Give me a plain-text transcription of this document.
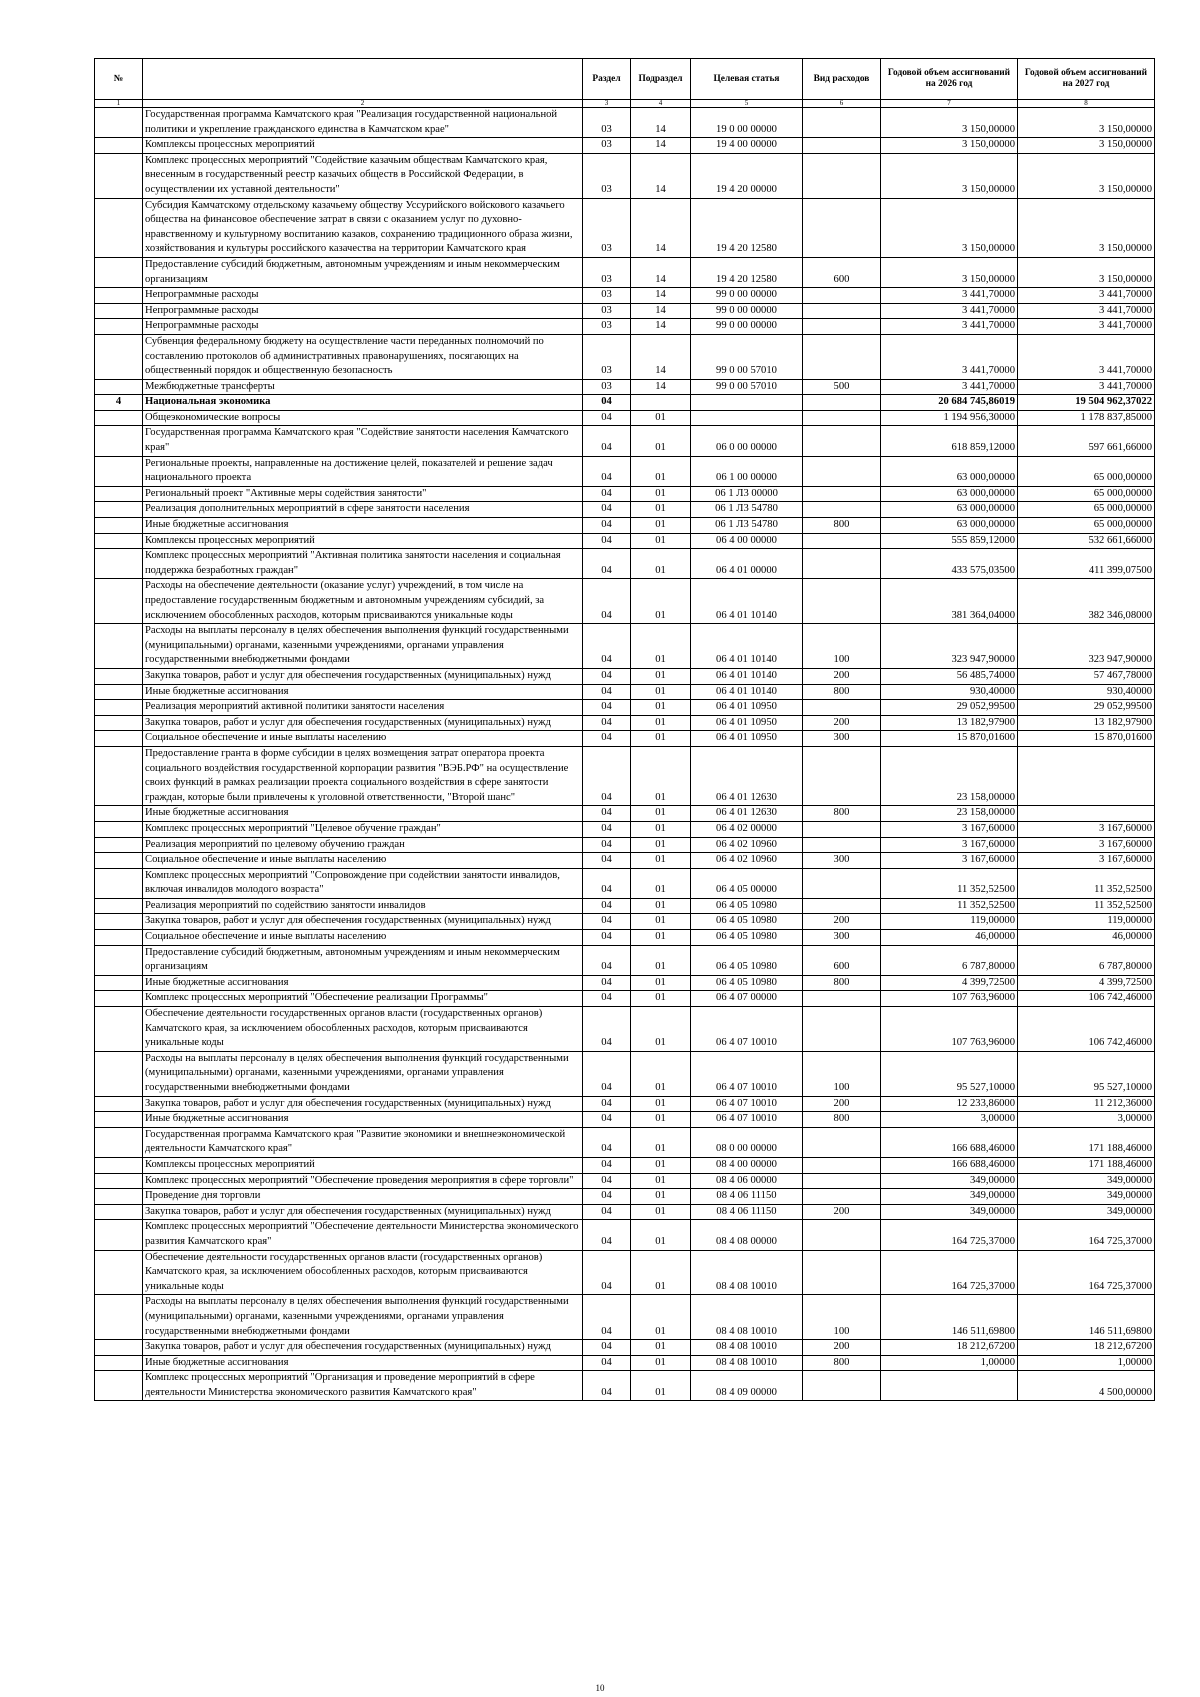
№		Раздел	Подраздел	Целевая статья	Вид расходов	Годовой объем ассигнований на 2026 год	Годовой объем ассигнований на 2027 год
1	2	3	4	5	6	7	8
	Государственная программа Камчатского края "Реализация государственной национальной политики и укрепление гражданского единства в Камчатском крае"	03	14	19 0 00 00000		3 150,00000	3 150,00000
	Комплексы процессных мероприятий	03	14	19 4 00 00000		3 150,00000	3 150,00000
	Комплекс процессных мероприятий "Содействие казачьим обществам Камчатского края, внесенным в государственный реестр казачьих обществ в Российской Федерации, в осуществлении их уставной деятельности"	03	14	19 4 20 00000		3 150,00000	3 150,00000
	Субсидия Камчатскому отдельскому казачьему обществу Уссурийского войскового казачьего общества на финансовое обеспечение затрат в связи с оказанием услуг по духовно-нравственному и культурному воспитанию казаков, сохранению традиционного образа жизни, хозяйствования и культуры российского казачества на территории Камчатского края	03	14	19 4 20 12580		3 150,00000	3 150,00000
	Предоставление субсидий бюджетным, автономным учреждениям и иным некоммерческим организациям	03	14	19 4 20 12580	600	3 150,00000	3 150,00000
	Непрограммные расходы	03	14	99 0 00 00000		3 441,70000	3 441,70000
	Непрограммные расходы	03	14	99 0 00 00000		3 441,70000	3 441,70000
	Непрограммные расходы	03	14	99 0 00 00000		3 441,70000	3 441,70000
	Субвенция федеральному бюджету на осуществление части переданных полномочий по составлению протоколов об административных правонарушениях, посягающих на общественный порядок и общественную безопасность	03	14	99 0 00 57010		3 441,70000	3 441,70000
	Межбюджетные трансферты	03	14	99 0 00 57010	500	3 441,70000	3 441,70000
4	Национальная экономика	04				20 684 745,86019	19 504 962,37022
	Общеэкономические вопросы	04	01			1 194 956,30000	1 178 837,85000
	Государственная программа Камчатского края "Содействие занятости населения Камчатского края"	04	01	06 0 00 00000		618 859,12000	597 661,66000
	Региональные проекты, направленные на достижение целей, показателей и решение задач национального проекта	04	01	06 1 00 00000		63 000,00000	65 000,00000
	Региональный проект "Активные меры содействия занятости"	04	01	06 1 Л3 00000		63 000,00000	65 000,00000
	Реализация дополнительных мероприятий в сфере занятости населения	04	01	06 1 Л3 54780		63 000,00000	65 000,00000
	Иные бюджетные ассигнования	04	01	06 1 Л3 54780	800	63 000,00000	65 000,00000
	Комплексы процессных мероприятий	04	01	06 4 00 00000		555 859,12000	532 661,66000
	Комплекс процессных мероприятий "Активная политика занятости населения и социальная поддержка безработных граждан"	04	01	06 4 01 00000		433 575,03500	411 399,07500
	Расходы на обеспечение деятельности (оказание услуг) учреждений, в том числе на предоставление государственным бюджетным и автономным учреждениям субсидий, за исключением обособленных расходов, которым присваиваются уникальные коды	04	01	06 4 01 10140		381 364,04000	382 346,08000
	Расходы на выплаты персоналу в целях обеспечения выполнения функций государственными (муниципальными) органами, казенными учреждениями, органами управления государственными внебюджетными фондами	04	01	06 4 01 10140	100	323 947,90000	323 947,90000
	Закупка товаров, работ и услуг для обеспечения государственных (муниципальных) нужд	04	01	06 4 01 10140	200	56 485,74000	57 467,78000
	Иные бюджетные ассигнования	04	01	06 4 01 10140	800	930,40000	930,40000
	Реализация мероприятий активной политики занятости населения	04	01	06 4 01 10950		29 052,99500	29 052,99500
	Закупка товаров, работ и услуг для обеспечения государственных (муниципальных) нужд	04	01	06 4 01 10950	200	13 182,97900	13 182,97900
	Социальное обеспечение и иные выплаты населению	04	01	06 4 01 10950	300	15 870,01600	15 870,01600
	Предоставление гранта в форме субсидии в целях возмещения затрат оператора проекта социального воздействия государственной корпорации развития "ВЭБ.РФ" на осуществление своих функций в рамках реализации проекта социального воздействия в сфере занятости граждан, которые были привлечены к уголовной ответственности, "Второй шанс"	04	01	06 4 01 12630		23 158,00000	
	Иные бюджетные ассигнования	04	01	06 4 01 12630	800	23 158,00000	
	Комплекс процессных мероприятий "Целевое обучение граждан"	04	01	06 4 02 00000		3 167,60000	3 167,60000
	Реализация мероприятий по целевому обучению граждан	04	01	06 4 02 10960		3 167,60000	3 167,60000
	Социальное обеспечение и иные выплаты населению	04	01	06 4 02 10960	300	3 167,60000	3 167,60000
	Комплекс процессных мероприятий "Сопровождение при содействии занятости инвалидов, включая инвалидов молодого возраста"	04	01	06 4 05 00000		11 352,52500	11 352,52500
	Реализация мероприятий по содействию занятости инвалидов	04	01	06 4 05 10980		11 352,52500	11 352,52500
	Закупка товаров, работ и услуг для обеспечения государственных (муниципальных) нужд	04	01	06 4 05 10980	200	119,00000	119,00000
	Социальное обеспечение и иные выплаты населению	04	01	06 4 05 10980	300	46,00000	46,00000
	Предоставление субсидий бюджетным, автономным учреждениям и иным некоммерческим организациям	04	01	06 4 05 10980	600	6 787,80000	6 787,80000
	Иные бюджетные ассигнования	04	01	06 4 05 10980	800	4 399,72500	4 399,72500
	Комплекс процессных мероприятий "Обеспечение реализации Программы"	04	01	06 4 07 00000		107 763,96000	106 742,46000
	Обеспечение деятельности государственных органов власти (государственных органов) Камчатского края, за исключением обособленных расходов, которым присваиваются уникальные коды	04	01	06 4 07 10010		107 763,96000	106 742,46000
	Расходы на выплаты персоналу в целях обеспечения выполнения функций государственными (муниципальными) органами, казенными учреждениями, органами управления государственными внебюджетными фондами	04	01	06 4 07 10010	100	95 527,10000	95 527,10000
	Закупка товаров, работ и услуг для обеспечения государственных (муниципальных) нужд	04	01	06 4 07 10010	200	12 233,86000	11 212,36000
	Иные бюджетные ассигнования	04	01	06 4 07 10010	800	3,00000	3,00000
	Государственная программа Камчатского края "Развитие экономики и внешнеэкономической деятельности Камчатского края"	04	01	08 0 00 00000		166 688,46000	171 188,46000
	Комплексы процессных мероприятий	04	01	08 4 00 00000		166 688,46000	171 188,46000
	Комплекс процессных мероприятий "Обеспечение проведения мероприятия в сфере торговли"	04	01	08 4 06 00000		349,00000	349,00000
	Проведение дня торговли	04	01	08 4 06 11150		349,00000	349,00000
	Закупка товаров, работ и услуг для обеспечения государственных (муниципальных) нужд	04	01	08 4 06 11150	200	349,00000	349,00000
	Комплекс процессных мероприятий "Обеспечение деятельности Министерства экономического развития Камчатского края"	04	01	08 4 08 00000		164 725,37000	164 725,37000
	Обеспечение деятельности государственных органов власти (государственных органов) Камчатского края, за исключением обособленных расходов, которым присваиваются уникальные коды	04	01	08 4 08 10010		164 725,37000	164 725,37000
	Расходы на выплаты персоналу в целях обеспечения выполнения функций государственными (муниципальными) органами, казенными учреждениями, органами управления государственными внебюджетными фондами	04	01	08 4 08 10010	100	146 511,69800	146 511,69800
	Закупка товаров, работ и услуг для обеспечения государственных (муниципальных) нужд	04	01	08 4 08 10010	200	18 212,67200	18 212,67200
	Иные бюджетные ассигнования	04	01	08 4 08 10010	800	1,00000	1,00000
	Комплекс процессных мероприятий "Организация и проведение мероприятий в сфере деятельности Министерства экономического развития Камчатского края"	04	01	08 4 09 00000			4 500,00000
10
